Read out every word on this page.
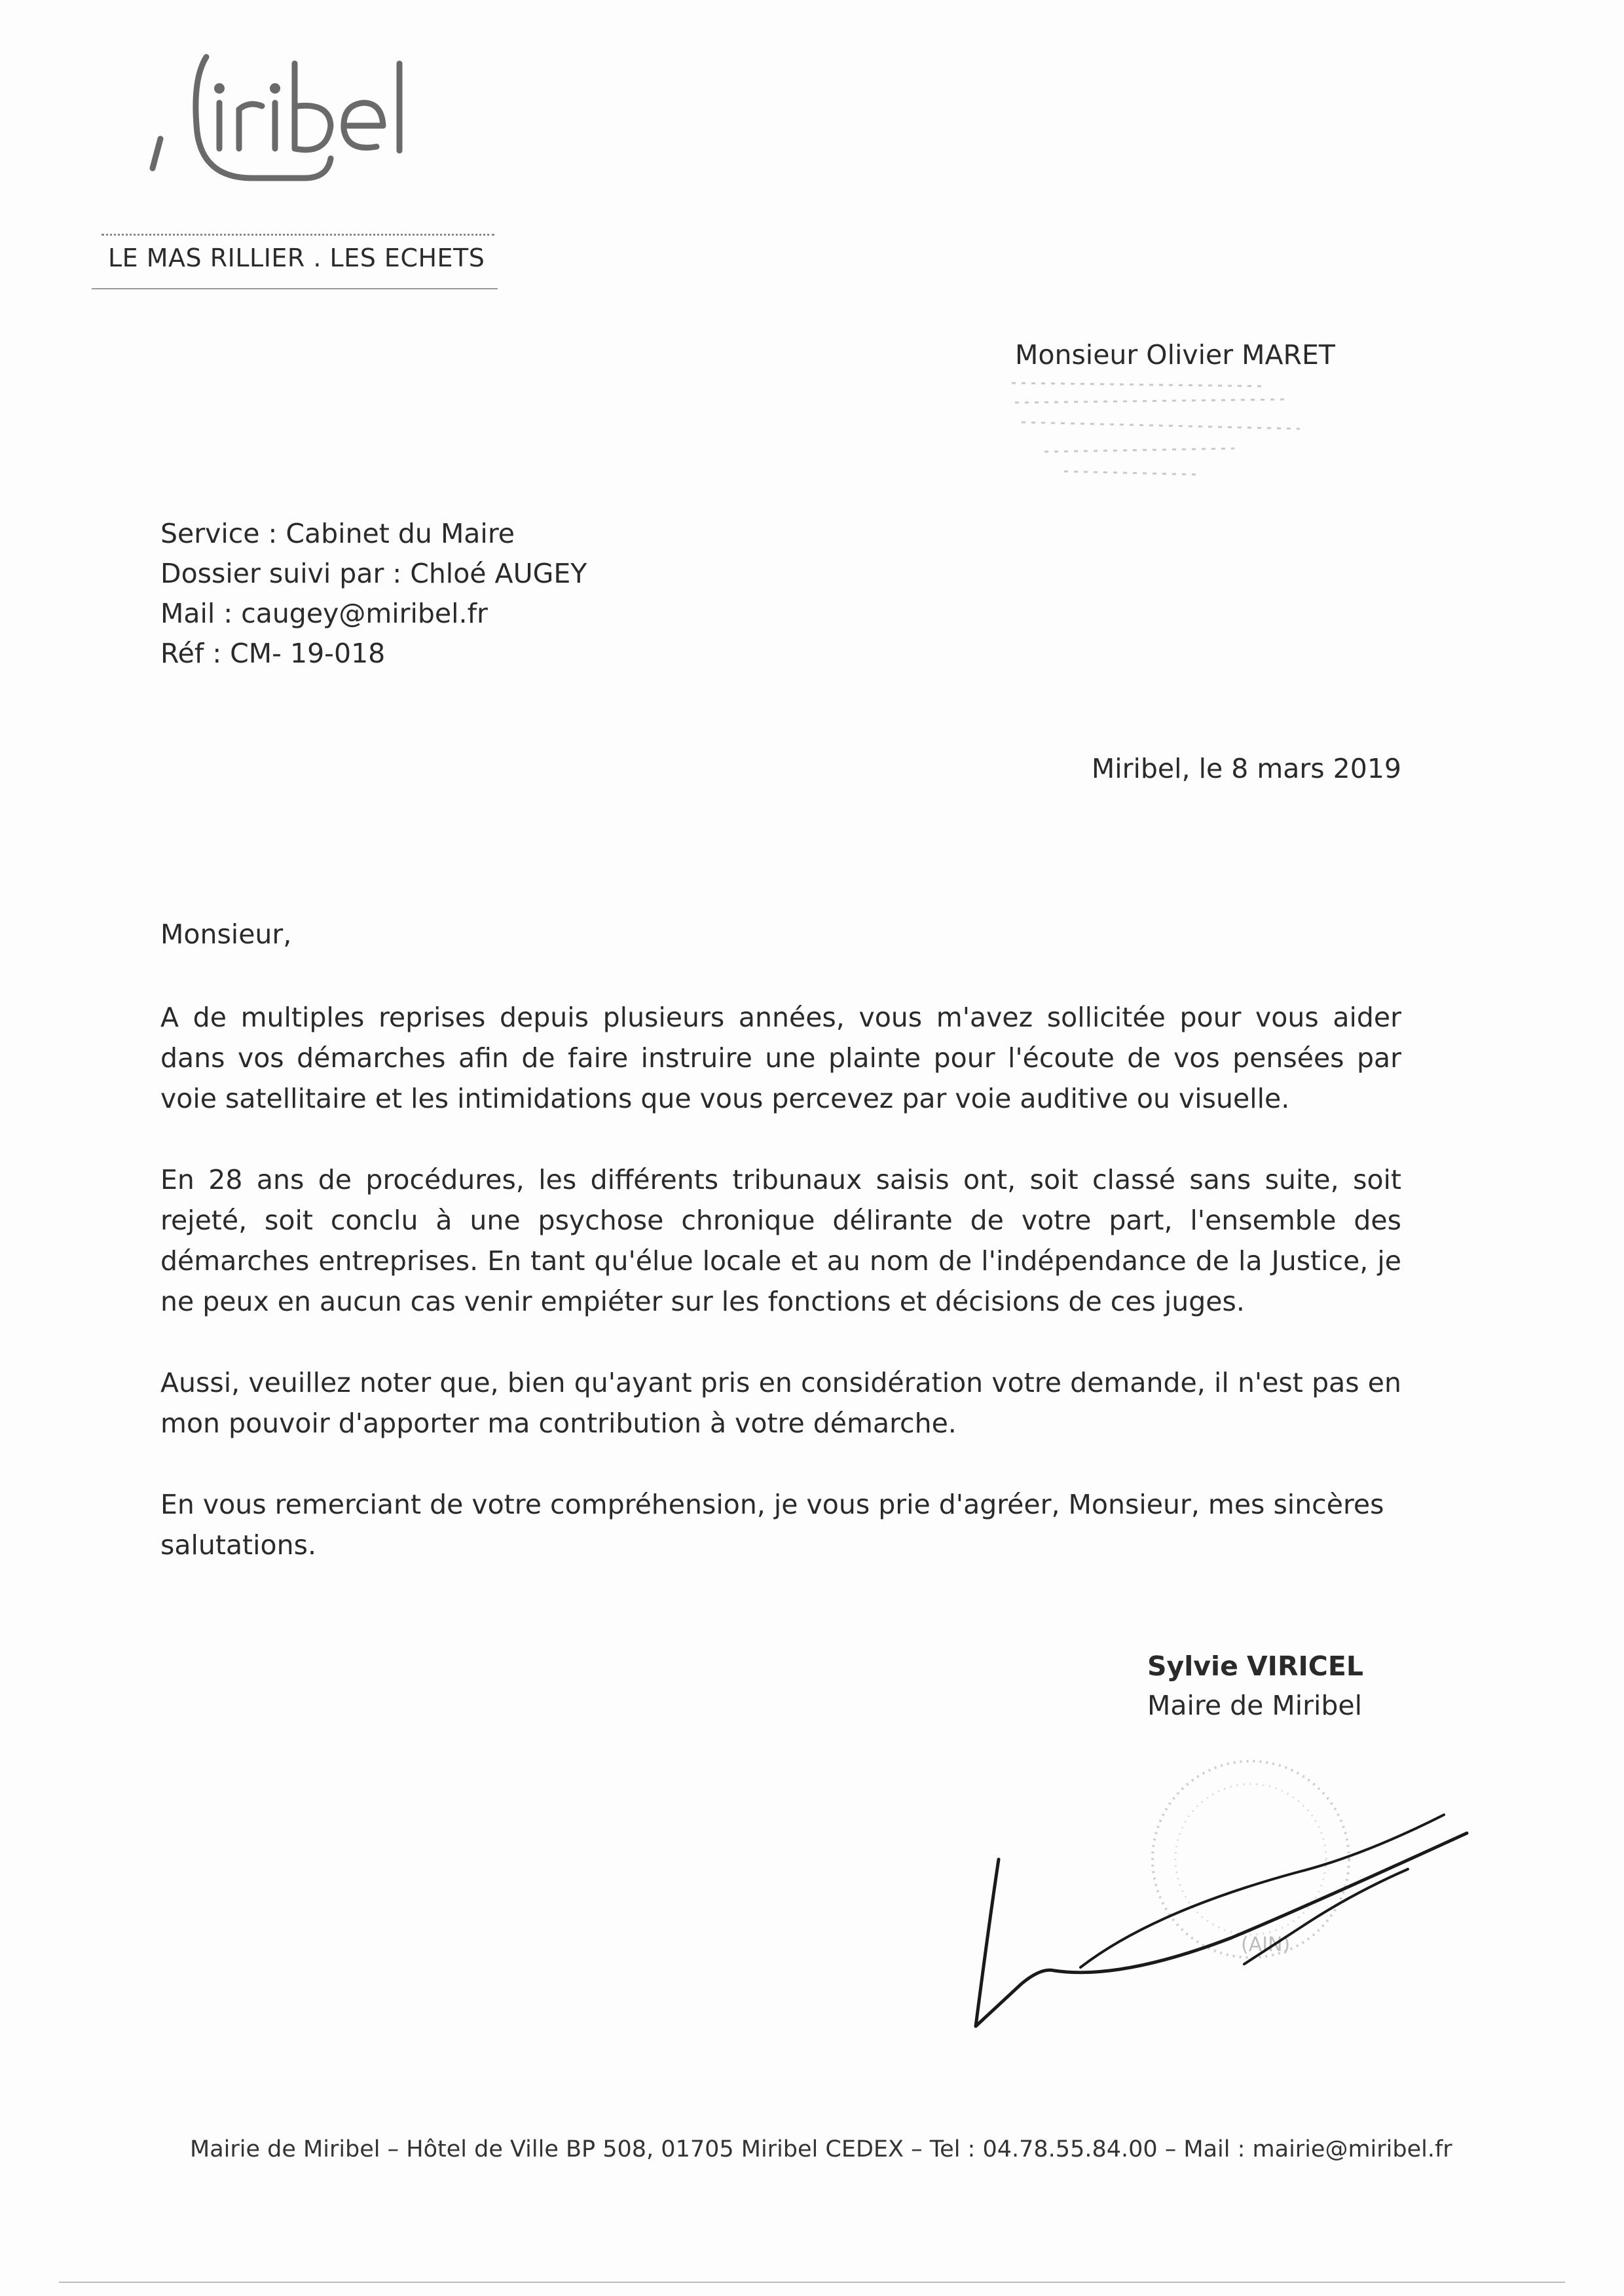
LE MAS RILLIER . LES ECHETS
Monsieur Olivier MARET
Service : Cabinet du Maire
Dossier suivi par : Chloé AUGEY
Mail : caugey@miribel.fr
Réf : CM- 19-018
Miribel, le 8 mars 2019
Monsieur,

A de multiples reprises depuis plusieurs années, vous m'avez sollicitée pour vous aider dans vos démarches afin de faire instruire une plainte pour l'écoute de vos pensées par voie satellitaire et les intimidations que vous percevez par voie auditive ou visuelle.

En 28 ans de procédures, les différents tribunaux saisis ont, soit classé sans suite, soit rejeté, soit conclu à une psychose chronique délirante de votre part, l'ensemble des démarches entreprises. En tant qu'élue locale et au nom de l'indépendance de la Justice, je ne peux en aucun cas venir empiéter sur les fonctions et décisions de ces juges.

Aussi, veuillez noter que, bien qu'ayant pris en considération votre demande, il n'est pas en mon pouvoir d'apporter ma contribution à votre démarche.

En vous remerciant de votre compréhension, je vous prie d'agréer, Monsieur, mes sincères salutations.

Sylvie VIRICEL
Maire de Miribel
(AIN)
Mairie de Miribel – Hôtel de Ville BP 508, 01705 Miribel CEDEX – Tel : 04.78.55.84.00 – Mail : mairie@miribel.fr
